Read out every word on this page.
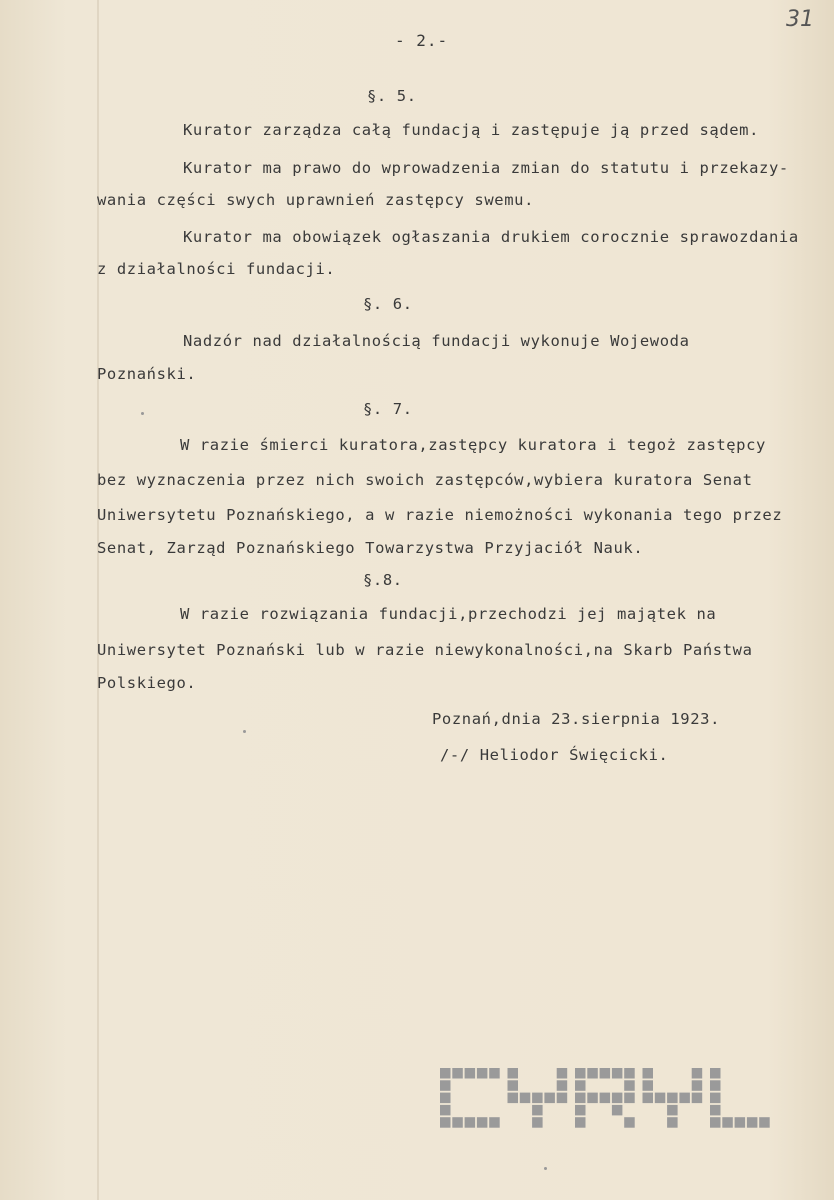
31
- 2.-
§. 5.
Kurator zarządza całą fundacją i zastępuje ją przed sądem.
Kurator ma prawo do wprowadzenia zmian do statutu i przekazy-
wania części swych uprawnień zastępcy swemu.
Kurator ma obowiązek ogłaszania drukiem corocznie sprawozdania
z działalności fundacji.
§. 6.
Nadzór nad działalnością fundacji wykonuje Wojewoda
Poznański.
§. 7.
W razie śmierci kuratora,zastępcy kuratora i tegoż zastępcy
bez wyznaczenia przez nich swoich zastępców,wybiera kuratora Senat
Uniwersytetu Poznańskiego, a w razie niemożności wykonania tego przez
Senat, Zarząd Poznańskiego Towarzystwa Przyjaciół Nauk.
§.8.
W razie rozwiązania fundacji,przechodzi jej majątek na
Uniwersytet Poznański lub w razie niewykonalności,na Skarb Państwa
Polskiego.
Poznań,dnia 23.sierpnia 1923.
/-/ Heliodor Święcicki.
